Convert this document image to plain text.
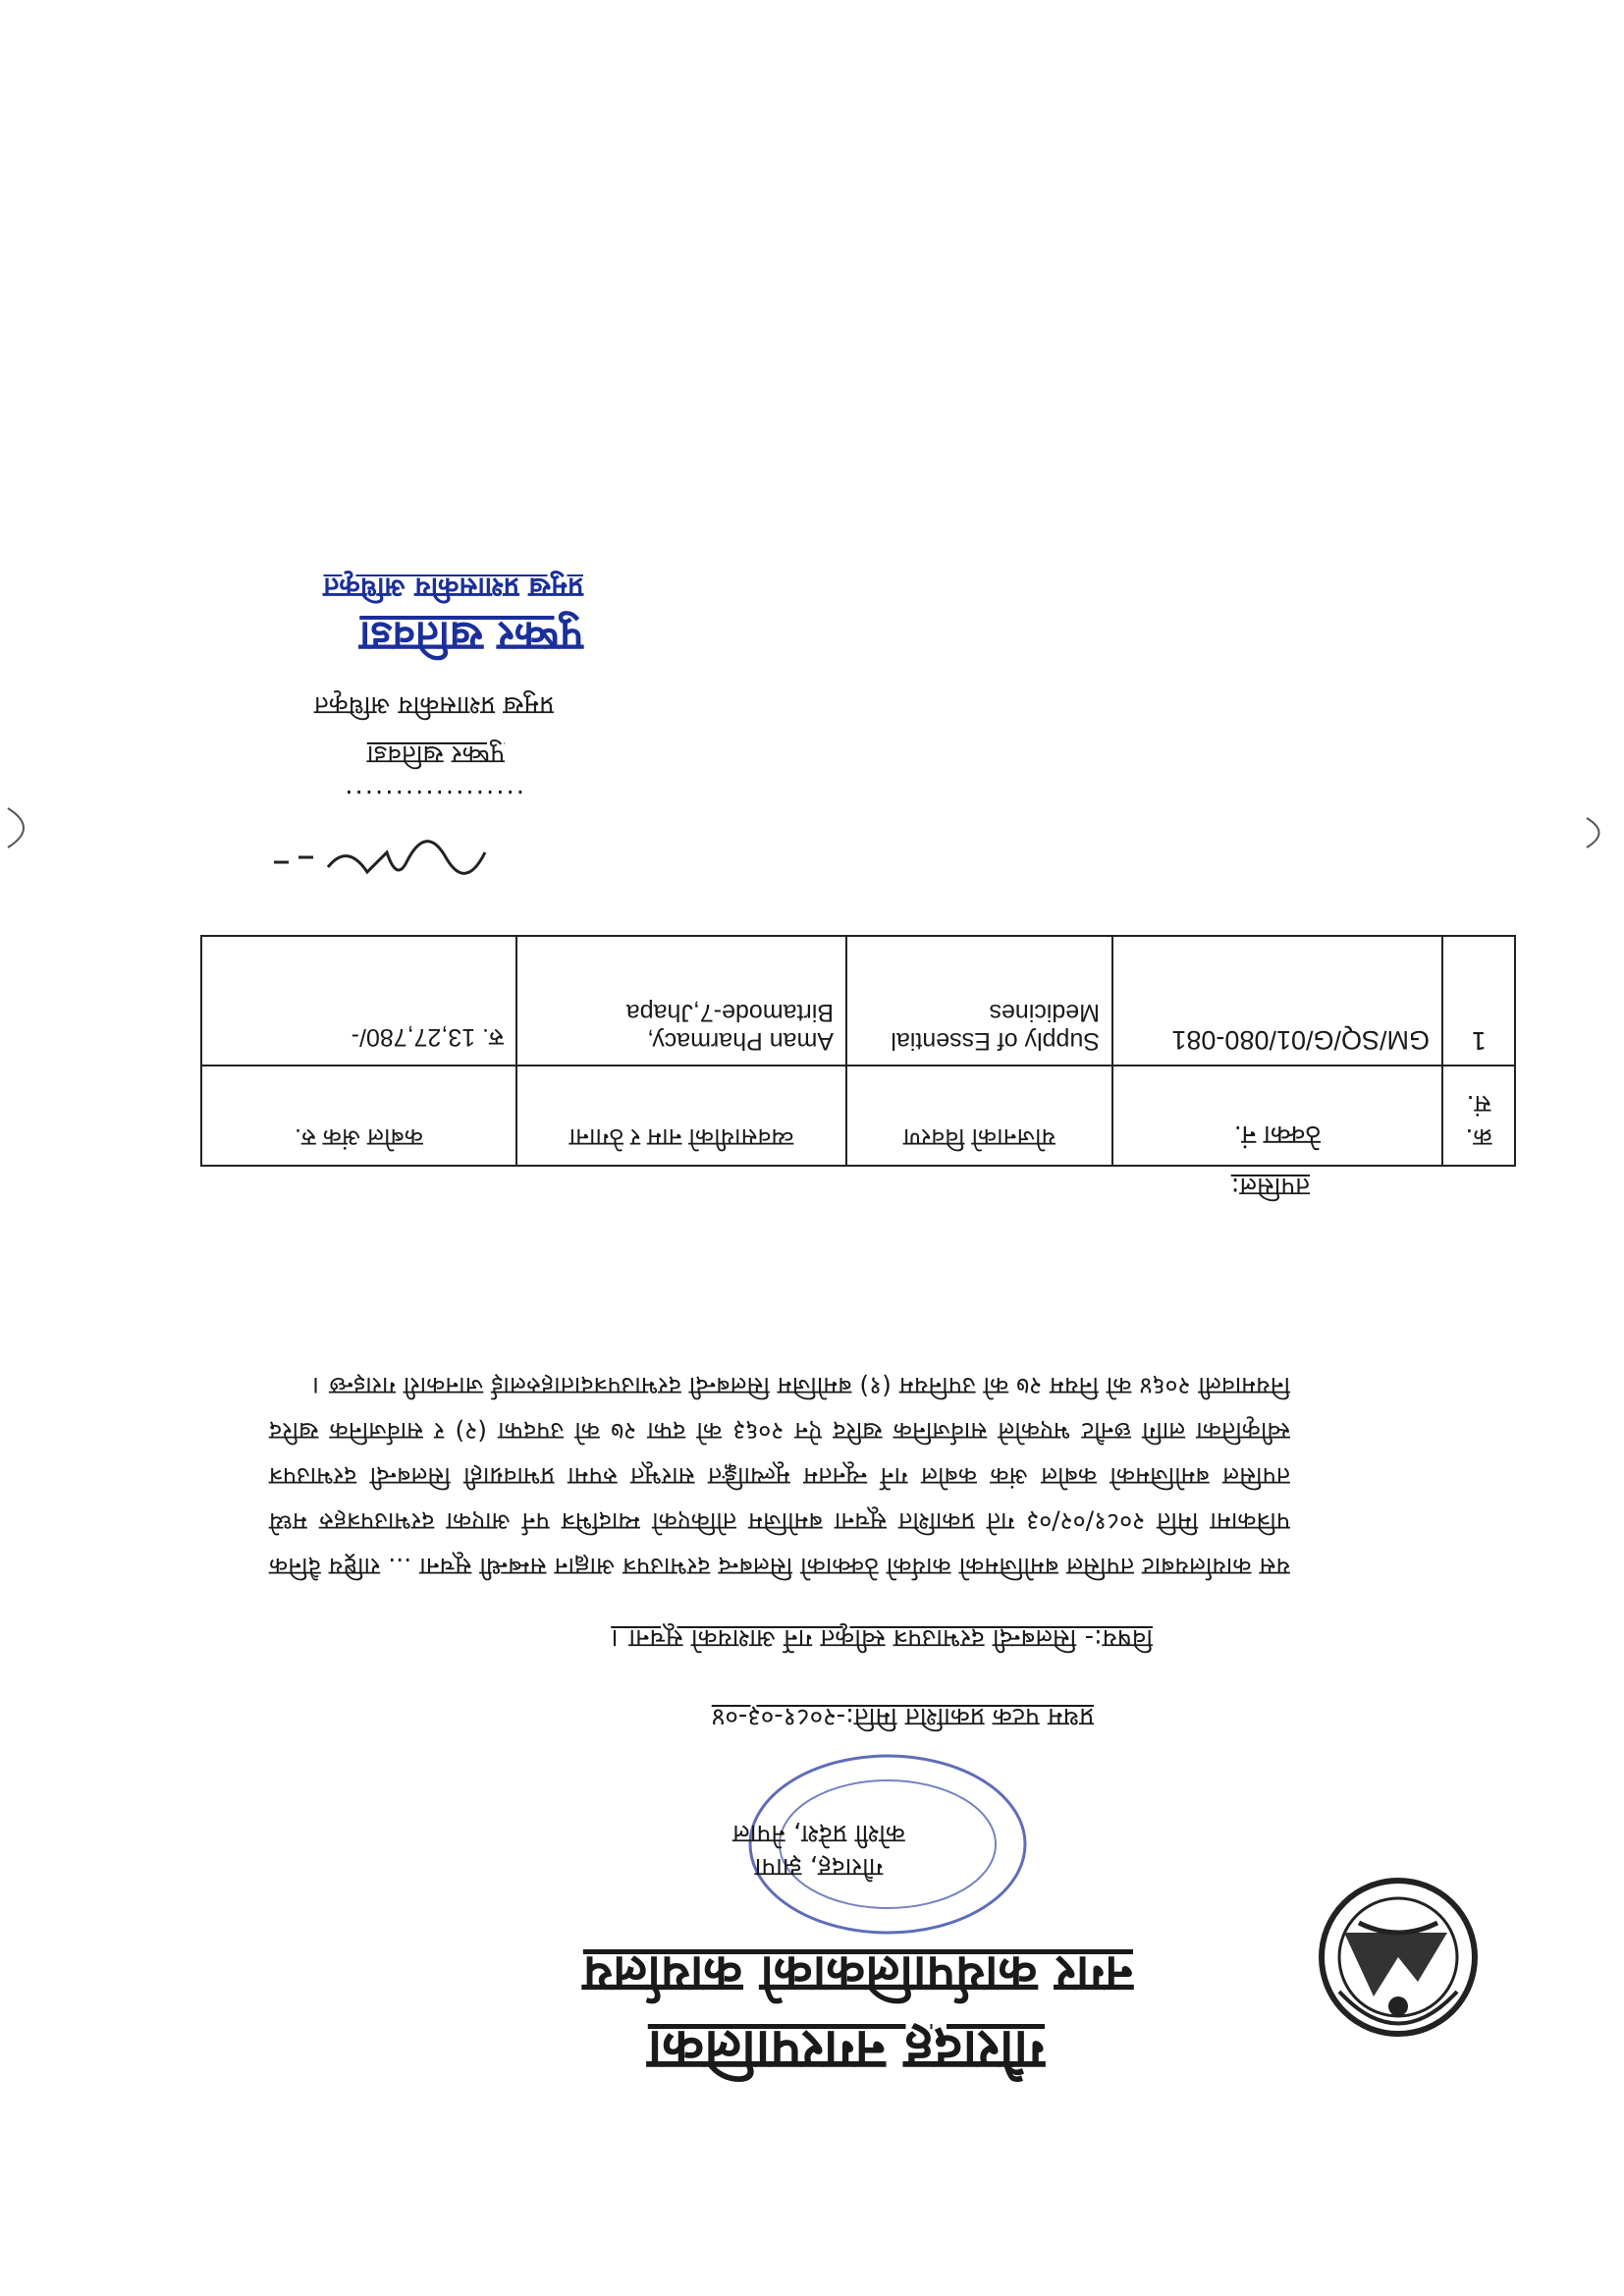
गौरादह नगरपालिका
नगर कार्यपालिकाको कार्यालय
गौरादह, झापा
कोशी प्रदेश, नेपाल
प्रथम पटक प्रकाशित मिति:-२०८१-०३-०४
विषय:- सिलबन्दी दरभाउपत्र स्वीकृत गर्ने आशयको सूचना ।
यस कार्यालयबाट तपसिल बमोजिमको कार्यको ठेक्काको सिलबन्द दरभाउपत्र आह्वान सम्बन्धी सूचना ... राष्ट्रिय दैनिक पत्रिकामा मिति २०८१/०२/०३ गते प्रकाशित सूचना बमोजिम तोकिएको म्यादभित्र पर्न आएका दरभाउपत्रहरु मध्ये तपसिल बमोजिमको कबोल अंक कबोल गर्ने न्यूनतम मूल्याङ्कित सारभूत रुपमा प्रभावग्राही सिलबन्दी दरभाउपत्र स्वीकृतिका लागि छनौट भएकोले सार्वजनिक खरिद ऐन २०६३ को दफा २७ को उपदफा (२) र सार्वजनिक खरिद नियमावली २०६४ को नियम २७ को उपनियम (१) बमोजिम सिलबन्दी दरभाउपत्रदाताहरुलाई जानकारी गराइन्छ ।
तपसिल:
क्र. सं.	ठेक्का नं.	योजनाको विवरण	व्यवसायीको नाम र ठेगाना	कबोल अंक रु.
1	GM/SQ/G/01/080-081	Supply of Essential Medicines	Aman Pharmacy, Birtamode-7,Jhapa	रु. 13,27,780/-
..................
पुष्कर खतिवडा
प्रमुख प्रशासकीय अधिकृत
पुष्कर खतिवडा
प्रमुख प्रशासकीय अधिकृत
